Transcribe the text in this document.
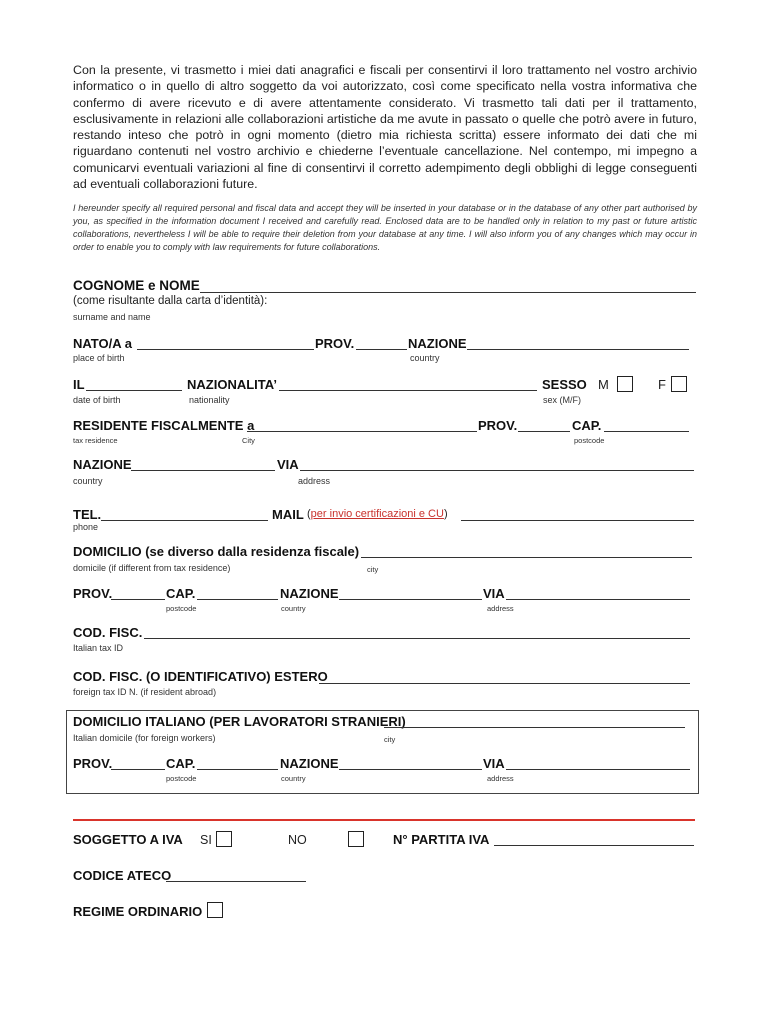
Con la presente, vi trasmetto i miei dati anagrafici e fiscali per consentirvi il loro trattamento nel vostro archivio informatico o in quello di altro soggetto da voi autorizzato, così come specificato nella vostra informativa che confermo di avere ricevuto e di avere attentamente considerato. Vi trasmetto tali dati per il trattamento, esclusivamente in relazioni alle collaborazioni artistiche da me avute in passato o quelle che potrò avere in futuro, restando inteso che potrò in ogni momento (dietro mia richiesta scritta) essere informato dei dati che mi riguardano contenuti nel vostro archivio e chiederne l’eventuale cancellazione. Nel contempo, mi impegno a comunicarvi eventuali variazioni al fine di consentirvi il corretto adempimento degli obblighi di legge conseguenti ad eventuali collaborazioni future.
I hereunder specify all required personal and fiscal data and accept they will be inserted in your database or in the database of any other part authorised by you, as specified in the information document I received and carefully read. Enclosed data are to be handled only in relation to my past or future artistic collaborations, nevertheless I will be able to require their deletion from your database at any time. I will also inform you of any changes which may occur in order to enable you to comply with law requirements for future collaborations.
COGNOME e NOME
(come risultante dalla carta d’identità):
surname and name
NATO/A a	PROV.	NAZIONE
place of birth	country
IL	NAZIONALITA’	SESSO M	F
date of birth	nationality	sex (M/F)
RESIDENTE FISCALMENTE a	PROV.	CAP.
tax residence	City	postcode
NAZIONE	VIA
country	address
TEL.	MAIL (per invio certificazioni e CU)
phone
DOMICILIO (se diverso dalla residenza fiscale)
domicile (if different from tax residence)	city
PROV.	CAP.	NAZIONE	VIA
postcode	country	address
COD. FISC.
Italian tax ID
COD. FISC. (O IDENTIFICATIVO) ESTERO
foreign tax ID N. (if resident abroad)
DOMICILIO ITALIANO (PER LAVORATORI STRANIERI)
Italian domicile (for foreign workers)	city
PROV.	CAP.	NAZIONE	VIA
postcode	country	address
SOGGETTO A IVA SI	NO	N° PARTITA IVA
CODICE ATECO
REGIME ORDINARIO
